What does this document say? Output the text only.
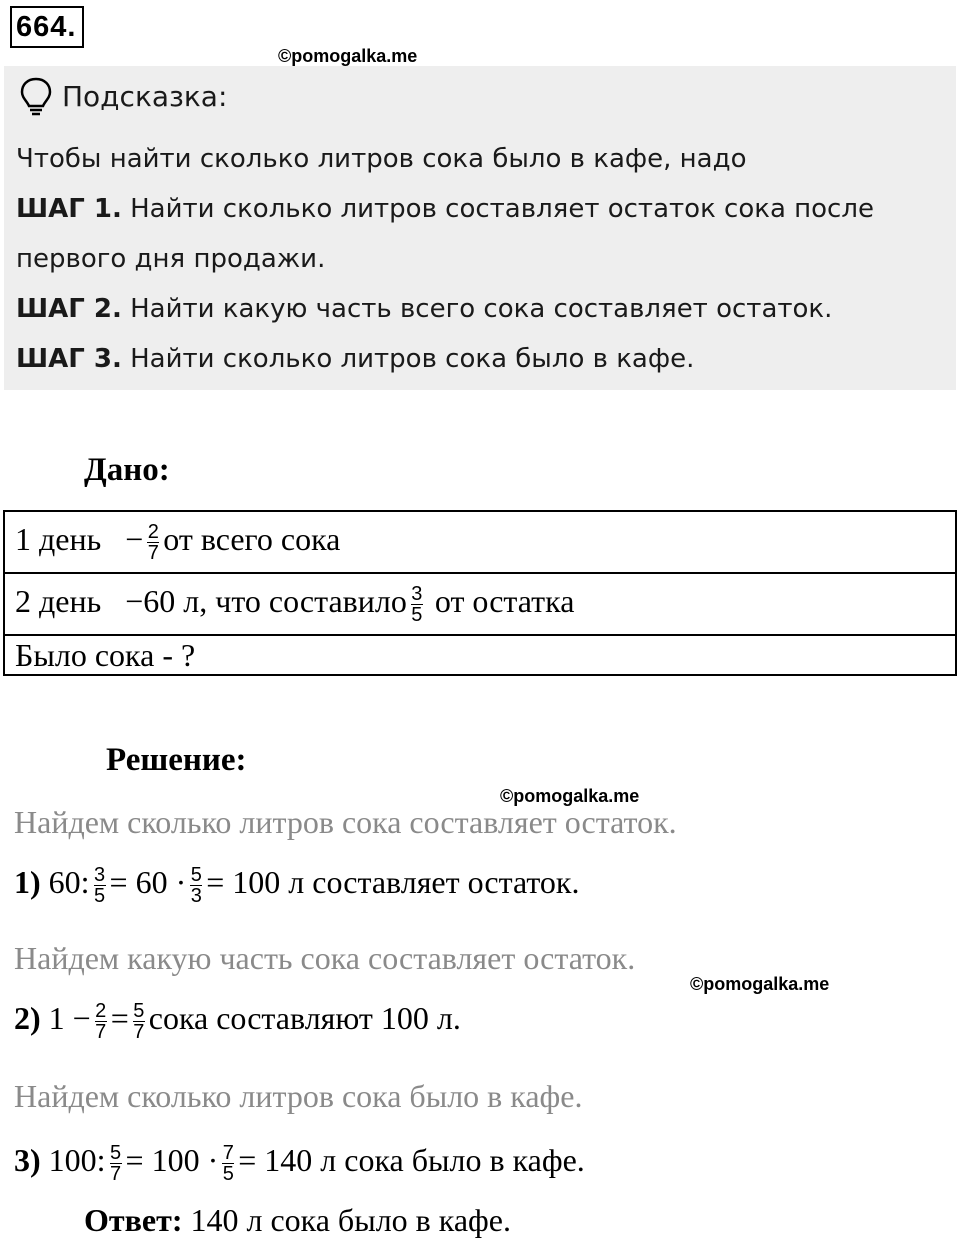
664.
©pomogalka.me
Подсказка:
Чтобы найти сколько литров сока было в кафе, надо
ШАГ 1. Найти сколько литров составляет остаток сока после
первого дня продажи.
ШАГ 2. Найти какую часть всего сока составляет остаток.
ШАГ 3. Найти сколько литров сока было в кафе.
Дано:
1 день − $\frac{2}{7}$ от всего сока
2 день −60 л, что составило $\frac{3}{5}$ от остатка
Было сока - ?
Решение:
©pomogalka.me
Найдем сколько литров сока составляет остаток.
1) 60: $\frac{3}{5} = 60 \cdot \frac{5}{3} = 100$ л составляет остаток.
Найдем какую часть сока составляет остаток.
©pomogalka.me
2) $1 - \frac{2}{7} = \frac{5}{7}$ сока составляют 100 л.
Найдем сколько литров сока было в кафе.
3) 100: $\frac{5}{7} = 100 \cdot \frac{7}{5} = 140$ л сока было в кафе.
Ответ: 140 л сока было в кафе.
